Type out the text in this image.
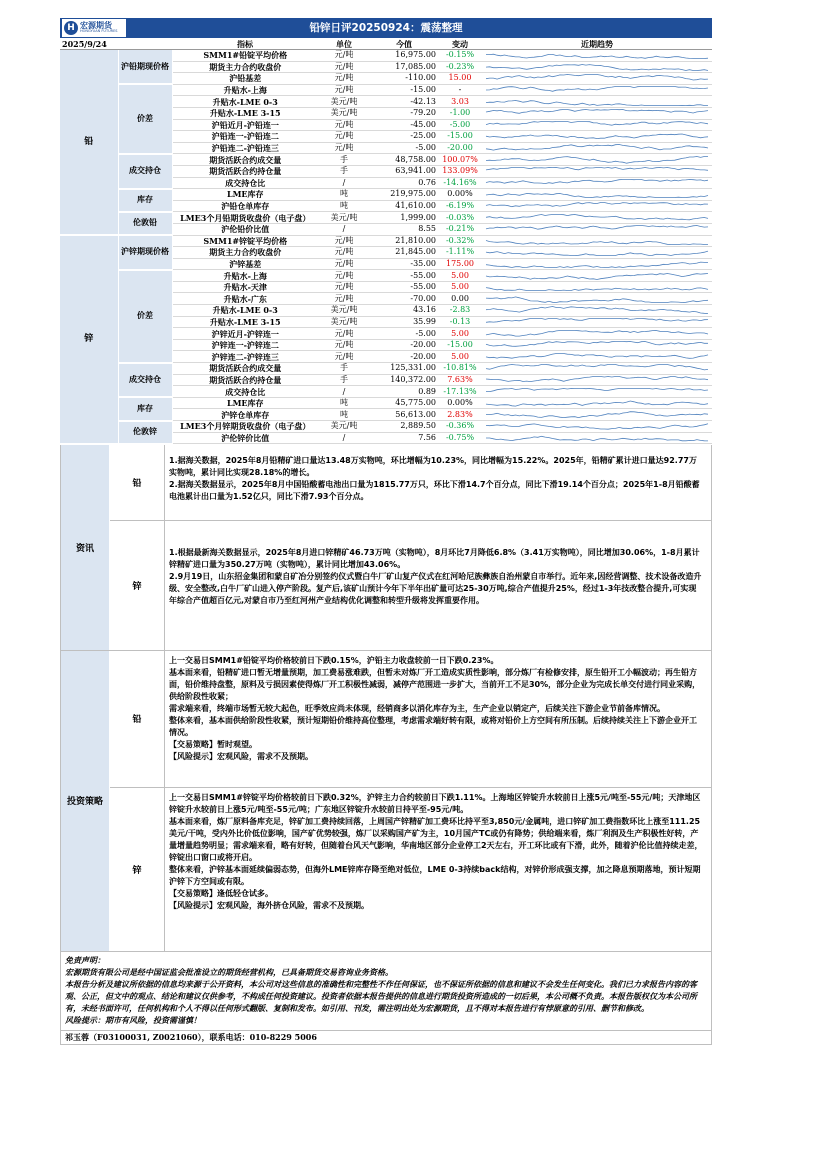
H 宏源期货
HONGYUAN FUTURES	铅锌日评20250924：震荡整理
2025/9/24		指标	单位	今值	变动	近期趋势
铅	沪铅期现价格	SMM1#铅锭平均价格	元/吨	16,975.00	-0.15%	

		期货主力合约收盘价	元/吨	17,085.00	-0.23%	

		沪铅基差	元/吨	-110.00	15.00	

	价差	升贴水-上海	元/吨	-15.00	-	

		升贴水-LME 0-3	美元/吨	-42.13	3.03	

		升贴水-LME 3-15	美元/吨	-79.20	-1.00	

		沪铅近月-沪铅连一	元/吨	-45.00	-5.00	

		沪铅连一-沪铅连二	元/吨	-25.00	-15.00	

		沪铅连二-沪铅连三	元/吨	-5.00	-20.00	

	成交持仓	期货活跃合约成交量	手	48,758.00	100.07%	

		期货活跃合约持仓量	手	63,941.00	133.09%	

		成交持仓比	/	0.76	-14.16%	

	库存	LME库存	吨	219,975.00	0.00%	

		沪铅仓单库存	吨	41,610.00	-6.19%	

	伦敦铅	LME3个月铅期货收盘价（电子盘）	美元/吨	1,999.00	-0.03%	

		沪伦铅价比值	/	8.55	-0.21%	

锌	沪锌期现价格	SMM1#锌锭平均价格	元/吨	21,810.00	-0.32%	

		期货主力合约收盘价	元/吨	21,845.00	-1.11%	

		沪锌基差	元/吨	-35.00	175.00	

	价差	升贴水-上海	元/吨	-55.00	5.00	

		升贴水-天津	元/吨	-55.00	5.00	

		升贴水-广东	元/吨	-70.00	0.00	

		升贴水-LME 0-3	美元/吨	43.16	-2.83	

		升贴水-LME 3-15	美元/吨	35.99	-0.13	

		沪锌近月-沪锌连一	元/吨	-5.00	5.00	

		沪锌连一-沪锌连二	元/吨	-20.00	-15.00	

		沪锌连二-沪锌连三	元/吨	-20.00	5.00	

	成交持仓	期货活跃合约成交量	手	125,331.00	-10.81%	

		期货活跃合约持仓量	手	140,372.00	7.63%	

		成交持仓比	/	0.89	-17.13%	

	库存	LME库存	吨	45,775.00	0.00%	

		沪锌仓单库存	吨	56,613.00	2.83%	

	伦敦锌	LME3个月锌期货收盘价（电子盘）	美元/吨	2,889.50	-0.36%	

		沪伦锌价比值	/	7.56	-0.75%	
资讯
铅

1.据海关数据，2025年8月铅精矿进口量达13.48万实物吨，环比增幅为10.23%，同比增幅为15.22%。2025年，铅精矿累计进口量达92.77万实物吨，累计同比实现28.18%的增长。

2.据海关数据显示，2025年8月中国铅酸蓄电池出口量为1815.77万只，环比下滑14.7个百分点，同比下滑19.14个百分点；2025年1-8月铅酸蓄电池累计出口量为1.52亿只，同比下滑7.93个百分点。

锌

1.根据最新海关数据显示，2025年8月进口锌精矿46.73万吨（实物吨），8月环比7月降低6.8%（3.41万实物吨），同比增加30.06%，1-8月累计锌精矿进口量为350.27万吨（实物吨），累计同比增加43.06%。

2.9月19日，山东招金集团和蒙自矿冶分别签约仪式暨白牛厂矿山复产仪式在红河哈尼族彝族自治州蒙自市举行。近年来,因经营调整、技术设备改造升级、安全整改,白牛厂矿山进入停产阶段。复产后,该矿山预计今年下半年出矿量可达25-30万吨,综合产值提升25%，经过1-3年技改整合提升,可实现年综合产值超百亿元,对蒙自市乃至红河州产业结构优化调整和转型升级将发挥重要作用。

投资策略
铅

上一交易日SMM1#铅锭平均价格较前日下跌0.15%，沪铅主力收盘较前一日下跌0.23%。

基本面来看，铅精矿进口暂无增量预期，加工费易涨难跌，但暂未对炼厂开工造成实质性影响，部分炼厂有检修安排，原生铅开工小幅波动；再生铅方面，铅价维持盘整，原料及亏损因素使得炼厂开工积极性减弱，减停产范围进一步扩大，当前开工不足30%，部分企业为完成长单交付进行同业采购，供给阶段性收紧；

需求端来看，终端市场暂无较大起色，旺季效应尚未体现，经销商多以消化库存为主，生产企业以销定产，后续关注下游企业节前备库情况。

整体来看，基本面供给阶段性收紧，预计短期铅价维持高位整理，考虑需求端好转有限，或将对铅价上方空间有所压制。后续持续关注上下游企业开工情况。

【交易策略】暂时观望。

【风险提示】宏观风险，需求不及预期。

锌

上一交易日SMM1#锌锭平均价格较前日下跌0.32%，沪锌主力合约较前日下跌1.11%。上海地区锌锭升水较前日上涨5元/吨至-55元/吨；天津地区锌锭升水较前日上涨5元/吨至-55元/吨；广东地区锌锭升水较前日持平至-95元/吨。

基本面来看，炼厂原料备库充足，锌矿加工费持续回落，上周国产锌精矿加工费环比持平至3,850元/金属吨，进口锌矿加工费指数环比上涨至111.25美元/干吨，受内外比价低位影响，国产矿优势较强，炼厂以采购国产矿为主，10月国产TC或仍有降势；供给端来看，炼厂利润及生产积极性好转，产量增量趋势明显；需求端来看，略有好转，但随着台风天气影响，华南地区部分企业停工2天左右，开工环比或有下滑，此外，随着沪伦比值持续走差，锌锭出口窗口或将开启。

整体来看，沪锌基本面延续偏弱态势，但海外LME锌库存降至绝对低位，LME 0-3持续back结构，对锌价形成强支撑，加之降息预期落地，预计短期沪锌下方空间或有限。

【交易策略】逢低轻仓试多。

【风险提示】宏观风险，海外挤仓风险，需求不及预期。

免责声明：

宏源期货有限公司是经中国证监会批准设立的期货经营机构，已具备期货交易咨询业务资格。

本报告分析及建议所依据的信息均来源于公开资料，本公司对这些信息的准确性和完整性不作任何保证，也不保证所依据的信息和建议不会发生任何变化。我们已力求报告内容的客观、公正，但文中的观点、结论和建议仅供参考，不构成任何投资建议。投资者依据本报告提供的信息进行期货投资所造成的一切后果，本公司概不负责。本报告版权仅为本公司所有，未经书面许可，任何机构和个人不得以任何形式翻版、复制和发布。如引用、刊发，需注明出处为宏源期货，且不得对本报告进行有悖原意的引用、删节和修改。

风险提示：期市有风险，投资需谨慎！

祁玉蓉（F03100031, Z0021060），联系电话：010-8229 5006
